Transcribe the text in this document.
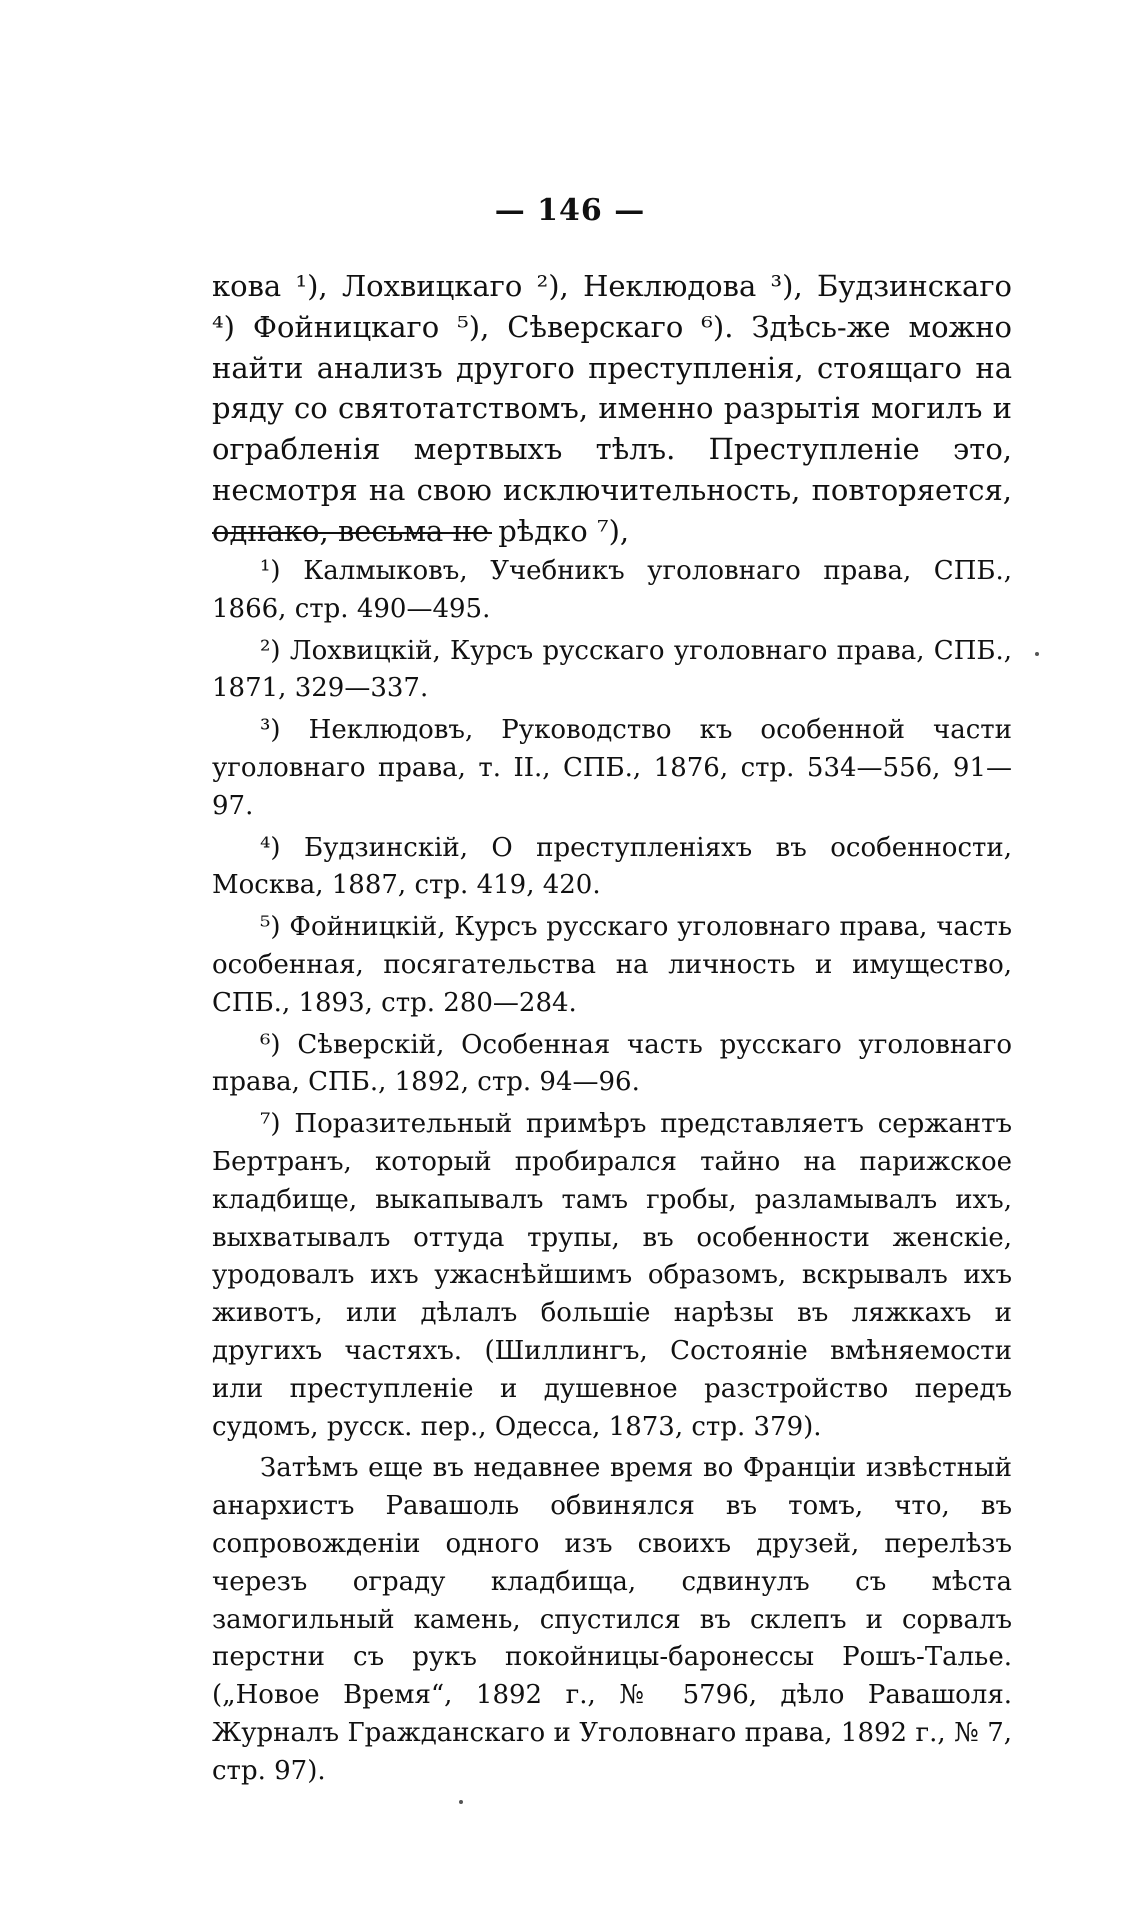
— 146 —

кова ¹), Лохвицкаго ²), Неклюдова ³), Будзинскаго ⁴) Фойницкаго ⁵), Сѣверскаго ⁶). Здѣсь-же можно найти анализъ другого преступленія, стоящаго на ряду со святотатствомъ, именно разрытія могилъ и ограбленія мертвыхъ тѣлъ. Преступленіе это, несмотря на свою исключительность, повторяется, однако, весьма не рѣдко ⁷),

¹) Калмыковъ, Учебникъ уголовнаго права, СПБ., 1866, стр. 490—495.

²) Лохвицкій, Курсъ русскаго уголовнаго права, СПБ., 1871, 329—337.

³) Неклюдовъ, Руководство къ особенной части уголовнаго права, т. II., СПБ., 1876, стр. 534—556, 91—97.

⁴) Будзинскій, О преступленіяхъ въ особенности, Москва, 1887, стр. 419, 420.

⁵) Фойницкій, Курсъ русскаго уголовнаго права, часть особенная, посягательства на личность и имущество, СПБ., 1893, стр. 280—284.

⁶) Сѣверскій, Особенная часть русскаго уголовнаго права, СПБ., 1892, стр. 94—96.

⁷) Поразительный примѣръ представляетъ сержантъ Бертранъ, который пробирался тайно на парижское кладбище, выкапывалъ тамъ гробы, разламывалъ ихъ, выхватывалъ оттуда трупы, въ особенности женскіе, уродовалъ ихъ ужаснѣйшимъ образомъ, вскрывалъ ихъ животъ, или дѣлалъ большіе нарѣзы въ ляжкахъ и другихъ частяхъ. (Шиллингъ, Состояніе вмѣняемости или преступленіе и душевное разстройство передъ судомъ, русск. пер., Одесса, 1873, стр. 379).

Затѣмъ еще въ недавнее время во Франціи извѣстный анархистъ Равашоль обвинялся въ томъ, что, въ сопровожденіи одного изъ своихъ друзей, перелѣзъ черезъ ограду кладбища, сдвинулъ съ мѣста замогильный камень, спустился въ склепъ и сорвалъ перстни съ рукъ покойницы-баронессы Рошъ-Талье. („Новое Время“, 1892 г., № 5796, дѣло Равашоля. Журналъ Гражданскаго и Уголовнаго права, 1892 г., № 7, стр. 97).
